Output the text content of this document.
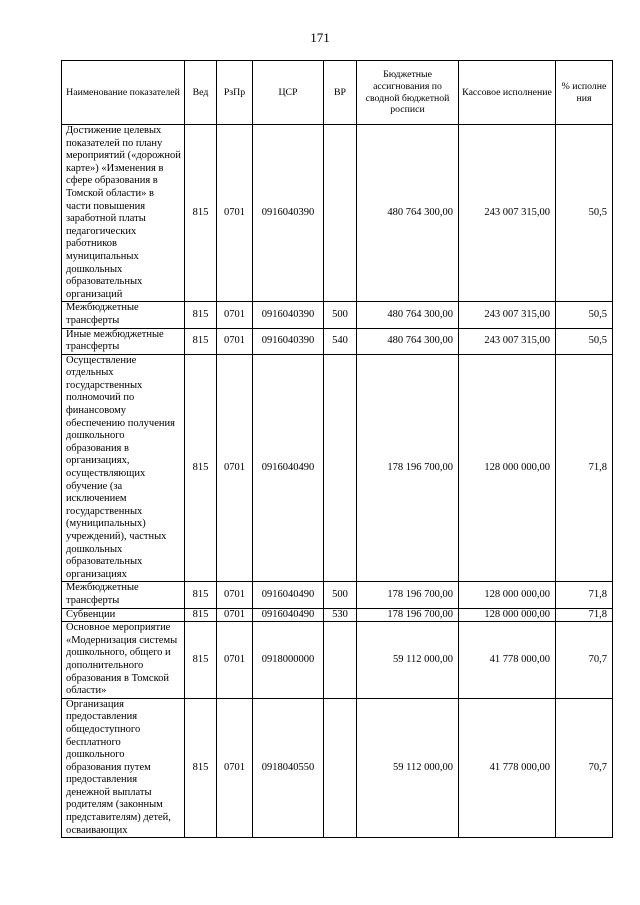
171
Наименование показателей	Вед	РзПр	ЦСР	ВР	Бюджетные ассигнования по сводной бюджетной росписи	Кассовое исполнение	% исполне ния
Достижение целевых показателей по плану мероприятий («дорожной карте») «Изменения в сфере образования в Томской области» в части повышения заработной платы педагогических работников муниципальных дошкольных образовательных организаций	815	0701	0916040390		480 764 300,00	243 007 315,00	50,5
Межбюджетные трансферты	815	0701	0916040390	500	480 764 300,00	243 007 315,00	50,5
Иные межбюджетные трансферты	815	0701	0916040390	540	480 764 300,00	243 007 315,00	50,5
Осуществление отдельных государственных полномочий по финансовому обеспечению получения дошкольного образования в организациях, осуществляющих обучение (за исключением государственных (муниципальных) учреждений), частных дошкольных образовательных организациях	815	0701	0916040490		178 196 700,00	128 000 000,00	71,8
Межбюджетные трансферты	815	0701	0916040490	500	178 196 700,00	128 000 000,00	71,8
Субвенции	815	0701	0916040490	530	178 196 700,00	128 000 000,00	71,8
Основное мероприятие «Модернизация системы дошкольного, общего и дополнительного образования в Томской области»	815	0701	0918000000		59 112 000,00	41 778 000,00	70,7
Организация предоставления общедоступного бесплатного дошкольного образования путем предоставления денежной выплаты родителям (законным представителям) детей, осваивающих	815	0701	0918040550		59 112 000,00	41 778 000,00	70,7
